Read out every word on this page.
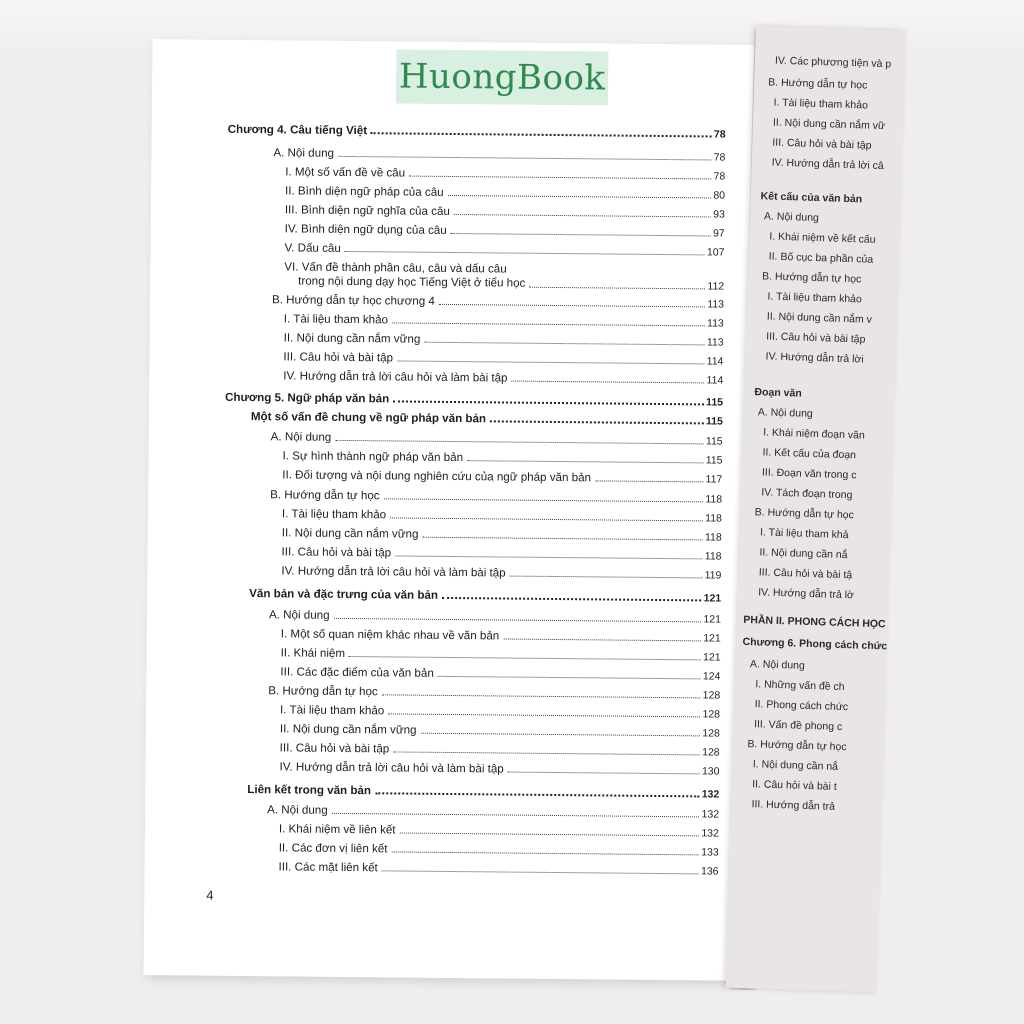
HuongBook
Chương 4. Câu tiếng Việt	78
A. Nội dung	78
I. Một số vấn đề về câu	78
II. Bình diện ngữ pháp của câu	80
III. Bình diện ngữ nghĩa của câu	93
IV. Bình diện ngữ dụng của câu	97
V. Dấu câu	107
VI. Vấn đề thành phần câu, câu và dấu câu
trong nội dung dạy học Tiếng Việt ở tiểu học	112
B. Hướng dẫn tự học chương 4	113
I. Tài liệu tham khảo	113
II. Nội dung cần nắm vững	113
III. Câu hỏi và bài tập	114
IV. Hướng dẫn trả lời câu hỏi và làm bài tập	114
Chương 5. Ngữ pháp văn bản	115
Một số vấn đề chung về ngữ pháp văn bản	115
A. Nội dung	115
I. Sự hình thành ngữ pháp văn bản	115
II. Đối tượng và nội dung nghiên cứu của ngữ pháp văn bản	117
B. Hướng dẫn tự học	118
I. Tài liệu tham khảo	118
II. Nội dung cần nắm vững	118
III. Câu hỏi và bài tập	118
IV. Hướng dẫn trả lời câu hỏi và làm bài tập	119
Văn bản và đặc trưng của văn bản	121
A. Nội dung	121
I. Một số quan niệm khác nhau về văn bản	121
II. Khái niệm	121
III. Các đặc điểm của văn bản	124
B. Hướng dẫn tự học	128
I. Tài liệu tham khảo	128
II. Nội dung cần nắm vững	128
III. Câu hỏi và bài tập	128
IV. Hướng dẫn trả lời câu hỏi và làm bài tập	130
Liên kết trong văn bản	132
A. Nội dung	132
I. Khái niệm về liên kết	132
II. Các đơn vị liên kết	133
III. Các mặt liên kết	136
4
IV. Các phương tiện và p
B. Hướng dẫn tự học
I. Tài liệu tham khảo
II. Nội dung cần nắm vữ
III. Câu hỏi và bài tập
IV. Hướng dẫn trả lời câ
Kết cấu của văn bản
A. Nội dung
I. Khái niệm về kết cấu
II. Bố cục ba phần của
B. Hướng dẫn tự học
I. Tài liệu tham khảo
II. Nội dung cần nắm v
III. Câu hỏi và bài tập
IV. Hướng dẫn trả lời
Đoạn văn
A. Nội dung
I. Khái niệm đoạn văn
II. Kết cấu của đoạn
III. Đoạn văn trong c
IV. Tách đoạn trong
B. Hướng dẫn tự học
I. Tài liệu tham khả
II. Nội dung cần nắ
III. Câu hỏi và bài tậ
IV. Hướng dẫn trả lờ
PHẦN II. PHONG CÁCH HỌC
Chương 6. Phong cách chức
A. Nội dung
I. Những vấn đề ch
II. Phong cách chức
III. Vấn đề phong c
B. Hướng dẫn tự học
I. Nội dung cần nắ
II. Câu hỏi và bài t
III. Hướng dẫn trả
